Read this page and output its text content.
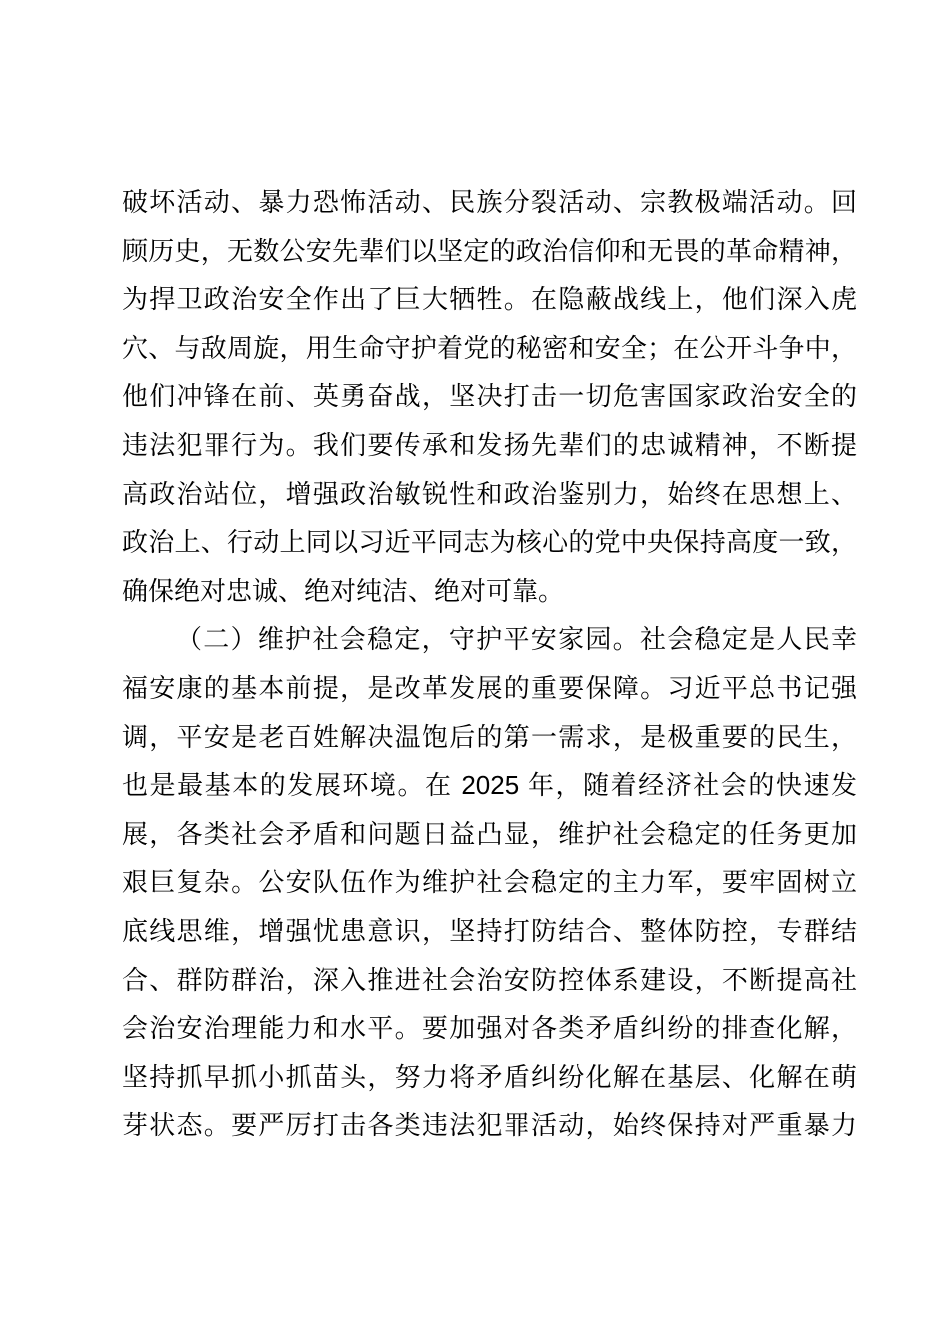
破坏活动、暴力恐怖活动、民族分裂活动、宗教极端活动。回
顾历史，无数公安先辈们以坚定的政治信仰和无畏的革命精神，
为捍卫政治安全作出了巨大牺牲。在隐蔽战线上，他们深入虎
穴、与敌周旋，用生命守护着党的秘密和安全；在公开斗争中，
他们冲锋在前、英勇奋战，坚决打击一切危害国家政治安全的
违法犯罪行为。我们要传承和发扬先辈们的忠诚精神，不断提
高政治站位，增强政治敏锐性和政治鉴别力，始终在思想上、
政治上、行动上同以习近平同志为核心的党中央保持高度一致，
确保绝对忠诚、绝对纯洁、绝对可靠。
（二）维护社会稳定，守护平安家园。社会稳定是人民幸
福安康的基本前提，是改革发展的重要保障。习近平总书记强
调，平安是老百姓解决温饱后的第一需求，是极重要的民生，
也是最基本的发展环境。在 2025 年，随着经济社会的快速发
展，各类社会矛盾和问题日益凸显，维护社会稳定的任务更加
艰巨复杂。公安队伍作为维护社会稳定的主力军，要牢固树立
底线思维，增强忧患意识，坚持打防结合、整体防控，专群结
合、群防群治，深入推进社会治安防控体系建设，不断提高社
会治安治理能力和水平。要加强对各类矛盾纠纷的排查化解，
坚持抓早抓小抓苗头，努力将矛盾纠纷化解在基层、化解在萌
芽状态。要严厉打击各类违法犯罪活动，始终保持对严重暴力
